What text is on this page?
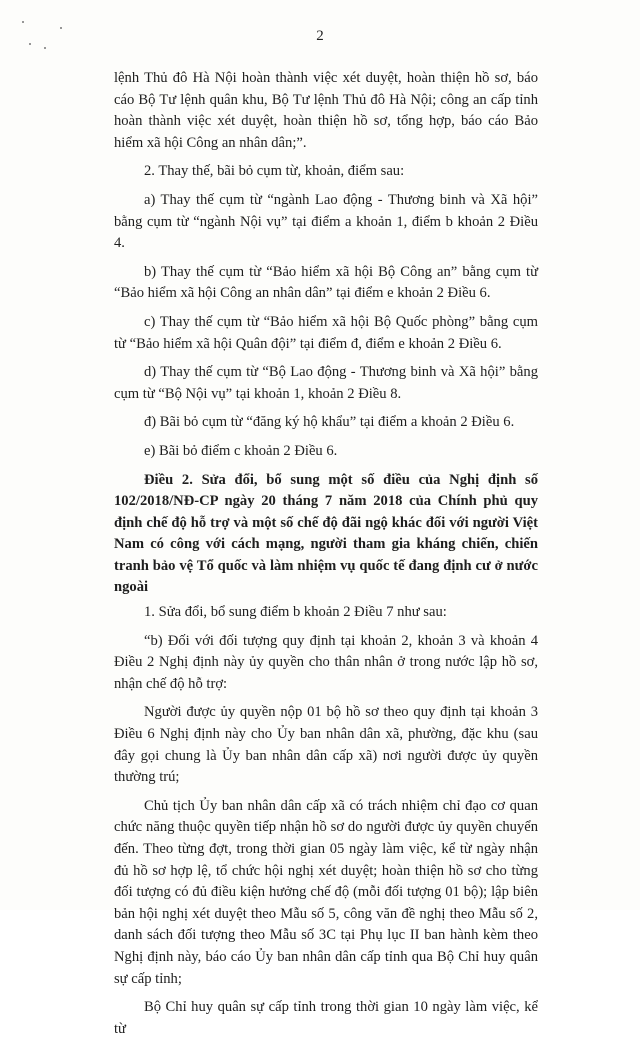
2

lệnh Thủ đô Hà Nội hoàn thành việc xét duyệt, hoàn thiện hồ sơ, báo cáo Bộ Tư lệnh quân khu, Bộ Tư lệnh Thủ đô Hà Nội; công an cấp tỉnh hoàn thành việc xét duyệt, hoàn thiện hồ sơ, tổng hợp, báo cáo Bảo hiểm xã hội Công an nhân dân;”.

2. Thay thế, bãi bỏ cụm từ, khoản, điểm sau:

a) Thay thế cụm từ “ngành Lao động - Thương binh và Xã hội” bằng cụm từ “ngành Nội vụ” tại điểm a khoản 1, điểm b khoản 2 Điều 4.

b) Thay thế cụm từ “Bảo hiểm xã hội Bộ Công an” bằng cụm từ “Bảo hiểm xã hội Công an nhân dân” tại điểm e khoản 2 Điều 6.

c) Thay thế cụm từ “Bảo hiểm xã hội Bộ Quốc phòng” bằng cụm từ “Bảo hiểm xã hội Quân đội” tại điểm đ, điểm e khoản 2 Điều 6.

d) Thay thế cụm từ “Bộ Lao động - Thương binh và Xã hội” bằng cụm từ “Bộ Nội vụ” tại khoản 1, khoản 2 Điều 8.

đ) Bãi bỏ cụm từ “đăng ký hộ khẩu” tại điểm a khoản 2 Điều 6.

e) Bãi bỏ điểm c khoản 2 Điều 6.

Điều 2. Sửa đổi, bổ sung một số điều của Nghị định số 102/2018/NĐ-CP ngày 20 tháng 7 năm 2018 của Chính phủ quy định chế độ hỗ trợ và một số chế độ đãi ngộ khác đối với người Việt Nam có công với cách mạng, người tham gia kháng chiến, chiến tranh bảo vệ Tổ quốc và làm nhiệm vụ quốc tế đang định cư ở nước ngoài

1. Sửa đổi, bổ sung điểm b khoản 2 Điều 7 như sau:

“b) Đối với đối tượng quy định tại khoản 2, khoản 3 và khoản 4 Điều 2 Nghị định này ủy quyền cho thân nhân ở trong nước lập hồ sơ, nhận chế độ hỗ trợ:

Người được ủy quyền nộp 01 bộ hồ sơ theo quy định tại khoản 3 Điều 6 Nghị định này cho Ủy ban nhân dân xã, phường, đặc khu (sau đây gọi chung là Ủy ban nhân dân cấp xã) nơi người được ủy quyền thường trú;

Chủ tịch Ủy ban nhân dân cấp xã có trách nhiệm chỉ đạo cơ quan chức năng thuộc quyền tiếp nhận hồ sơ do người được ủy quyền chuyển đến. Theo từng đợt, trong thời gian 05 ngày làm việc, kể từ ngày nhận đủ hồ sơ hợp lệ, tổ chức hội nghị xét duyệt; hoàn thiện hồ sơ cho từng đối tượng có đủ điều kiện hưởng chế độ (mỗi đối tượng 01 bộ); lập biên bản hội nghị xét duyệt theo Mẫu số 5, công văn đề nghị theo Mẫu số 2, danh sách đối tượng theo Mẫu số 3C tại Phụ lục II ban hành kèm theo Nghị định này, báo cáo Ủy ban nhân dân cấp tỉnh qua Bộ Chỉ huy quân sự cấp tỉnh;

Bộ Chỉ huy quân sự cấp tỉnh trong thời gian 10 ngày làm việc, kể từ
